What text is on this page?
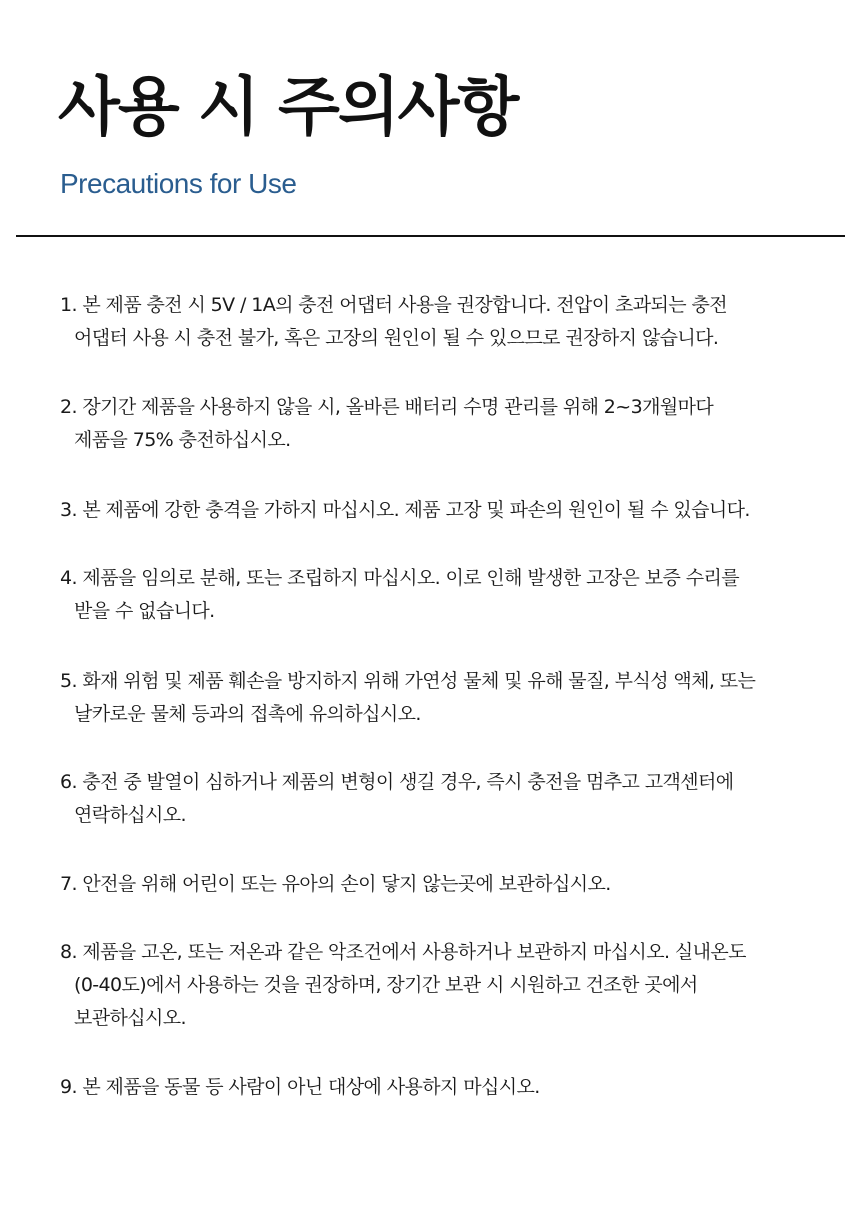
사용 시 주의사항
Precautions for Use

1. 본 제품 충전 시 5V / 1A의 충전 어댑터 사용을 권장합니다. 전압이 초과되는 충전
어댑터 사용 시 충전 불가, 혹은 고장의 원인이 될 수 있으므로 권장하지 않습니다.

2. 장기간 제품을 사용하지 않을 시, 올바른 배터리 수명 관리를 위해 2~3개월마다
제품을 75% 충전하십시오.

3. 본 제품에 강한 충격을 가하지 마십시오. 제품 고장 및 파손의 원인이 될 수 있습니다.

4. 제품을 임의로 분해, 또는 조립하지 마십시오. 이로 인해 발생한 고장은 보증 수리를
받을 수 없습니다.

5. 화재 위험 및 제품 훼손을 방지하지 위해 가연성 물체 및 유해 물질, 부식성 액체, 또는
날카로운 물체 등과의 접촉에 유의하십시오.

6. 충전 중 발열이 심하거나 제품의 변형이 생길 경우, 즉시 충전을 멈추고 고객센터에
연락하십시오.

7. 안전을 위해 어린이 또는 유아의 손이 닿지 않는곳에 보관하십시오.

8. 제품을 고온, 또는 저온과 같은 악조건에서 사용하거나 보관하지 마십시오. 실내온도
(0-40도)에서 사용하는 것을 권장하며, 장기간 보관 시 시원하고 건조한 곳에서
보관하십시오.

9. 본 제품을 동물 등 사람이 아닌 대상에 사용하지 마십시오.
